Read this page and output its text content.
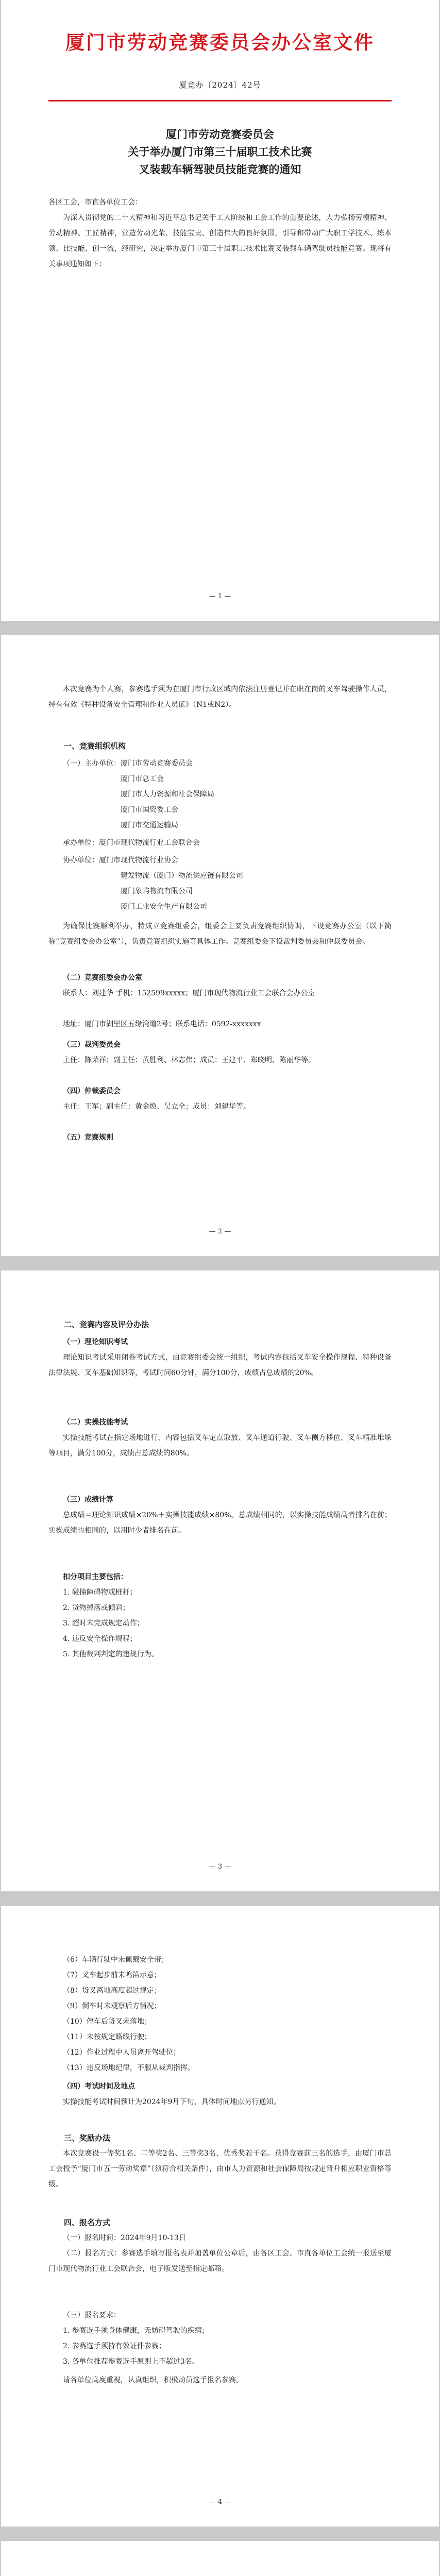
厦门市劳动竞赛委员会办公室文件
厦竞办〔2024〕42号
厦门市劳动竞赛委员会
关于举办厦门市第三十届职工技术比赛
叉装载车辆驾驶员技能竞赛的通知
各区工会，市直各单位工会：
为深入贯彻党的二十大精神和习近平总书记关于工人阶级和工会工作的重要论述，大力弘扬劳模精神、劳动精神、工匠精神，营造劳动光荣、技能宝贵、创造伟大的良好氛围，引导和带动广大职工学技术、练本领、比技能、创一流，经研究，决定举办厦门市第三十届职工技术比赛叉装载车辆驾驶员技能竞赛。现将有关事项通知如下：
— 1 —
本次竞赛为个人赛，参赛选手须为在厦门市行政区域内依法注册登记并在职在岗的叉车驾驶操作人员，持有有效《特种设备安全管理和作业人员证》（N1或N2）。
一、竞赛组织机构
（一）主办单位：厦门市劳动竞赛委员会
厦门市总工会
厦门市人力资源和社会保障局
厦门市国资委工会
厦门市交通运输局
承办单位：厦门市现代物流行业工会联合会
协办单位：厦门市现代物流行业协会
建发物流（厦门）物流供应链有限公司
厦门象屿物流有限公司
厦门工业安全生产有限公司
为确保比赛顺利举办，特成立竞赛组委会，组委会主要负责竞赛组织协调，下设竞赛办公室（以下简称“竞赛组委会办公室”），负责竞赛组织实施等具体工作。竞赛组委会下设裁判委员会和仲裁委员会。
（二）竞赛组委会办公室
联系人：刘建华 手机：152599xxxxx；厦门市现代物流行业工会联合会办公室
地址：厦门市湖里区五缘湾道2号；联系电话：0592-xxxxxxx
（三）裁判委员会
主任：陈荣祥；副主任：黄胜利、林志伟；成员：王建平、郑晓明、陈丽华等。
（四）仲裁委员会
主任：王军；副主任：黄金焕、吴立全；成员：刘建华等。
（五）竞赛规则
— 2 —
二、竞赛内容及评分办法
（一）理论知识考试
理论知识考试采用闭卷考试方式，由竞赛组委会统一组织，考试内容包括叉车安全操作规程、特种设备法律法规、叉车基础知识等，考试时间60分钟，满分100分，成绩占总成绩的20%。
（二）实操技能考试
实操技能考试在指定场地进行，内容包括叉车定点取放、叉车通道行驶、叉车侧方移位、叉车精准堆垛等项目，满分100分，成绩占总成绩的80%。
（三）成绩计算
总成绩＝理论知识成绩×20%＋实操技能成绩×80%。总成绩相同的，以实操技能成绩高者排名在前；实操成绩也相同的，以用时少者排名在前。
扣分项目主要包括：
1. 碰撞障碍物或桩杆；
2. 货物掉落或倾斜；
3. 超时未完成规定动作；
4. 违反安全操作规程；
5. 其他裁判判定的违规行为。
— 3 —
（6）车辆行驶中未佩戴安全带；
（7）叉车起步前未鸣笛示意；
（8）货叉离地高度超过规定；
（9）倒车时未观察后方情况；
（10）停车后货叉未落地；
（11）未按规定路线行驶；
（12）作业过程中人员离开驾驶位；
（13）违反场地纪律，不服从裁判指挥。
（四）考试时间及地点
实操技能考试时间预计为2024年9月下旬，具体时间地点另行通知。
三、奖励办法
本次竞赛设一等奖1名、二等奖2名、三等奖3名，优秀奖若干名。获得竞赛前三名的选手，由厦门市总工会授予“厦门市五一劳动奖章”（须符合相关条件），由市人力资源和社会保障局按规定晋升相应职业资格等级。
四、报名方式
（一）报名时间：2024年9月10-13日
（二）报名方式：参赛选手填写报名表并加盖单位公章后，由各区工会、市直各单位工会统一报送至厦门市现代物流行业工会联合会，电子版发送至指定邮箱。
（三）报名要求：
1. 参赛选手须身体健康，无妨碍驾驶的疾病；
2. 参赛选手须持有效证件参赛；
3. 各单位推荐参赛选手原则上不超过3名。
请各单位高度重视，认真组织，积极动员选手报名参赛。
— 4 —
